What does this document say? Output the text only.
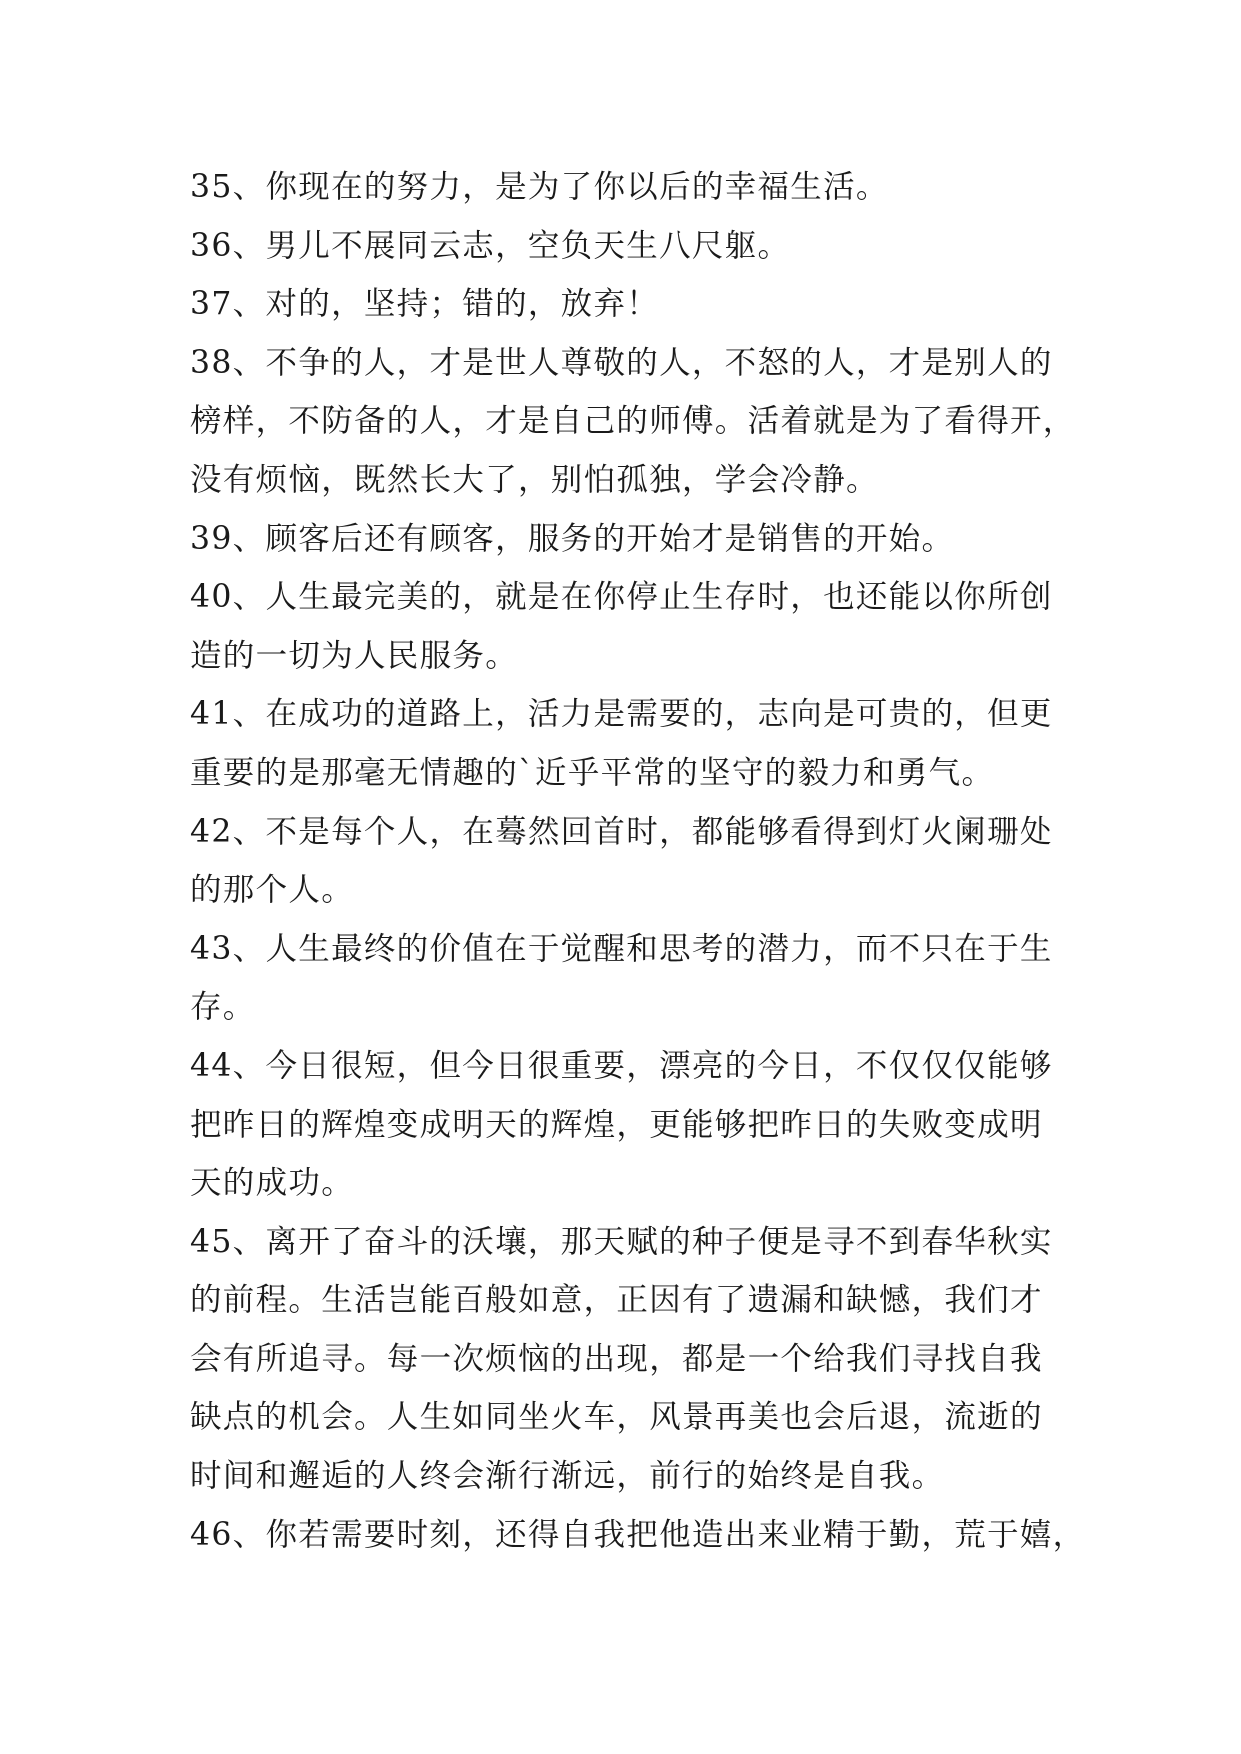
35、你现在的努力，是为了你以后的幸福生活。
36、男儿不展同云志，空负天生八尺躯。
37、对的，坚持；错的，放弃！
38、不争的人，才是世人尊敬的人，不怒的人，才是别人的
榜样，不防备的人，才是自己的师傅。活着就是为了看得开，
没有烦恼，既然长大了，别怕孤独，学会冷静。
39、顾客后还有顾客，服务的开始才是销售的开始。
40、人生最完美的，就是在你停止生存时，也还能以你所创
造的一切为人民服务。
41、在成功的道路上，活力是需要的，志向是可贵的，但更
重要的是那毫无情趣的`近乎平常的坚守的毅力和勇气。
42、不是每个人，在蓦然回首时，都能够看得到灯火阑珊处
的那个人。
43、人生最终的价值在于觉醒和思考的潜力，而不只在于生
存。
44、今日很短，但今日很重要，漂亮的今日，不仅仅仅能够
把昨日的辉煌变成明天的辉煌，更能够把昨日的失败变成明
天的成功。
45、离开了奋斗的沃壤，那天赋的种子便是寻不到春华秋实
的前程。生活岂能百般如意，正因有了遗漏和缺憾，我们才
会有所追寻。每一次烦恼的出现，都是一个给我们寻找自我
缺点的机会。人生如同坐火车，风景再美也会后退，流逝的
时间和邂逅的人终会渐行渐远，前行的始终是自我。
46、你若需要时刻，还得自我把他造出来业精于勤，荒于嬉，
